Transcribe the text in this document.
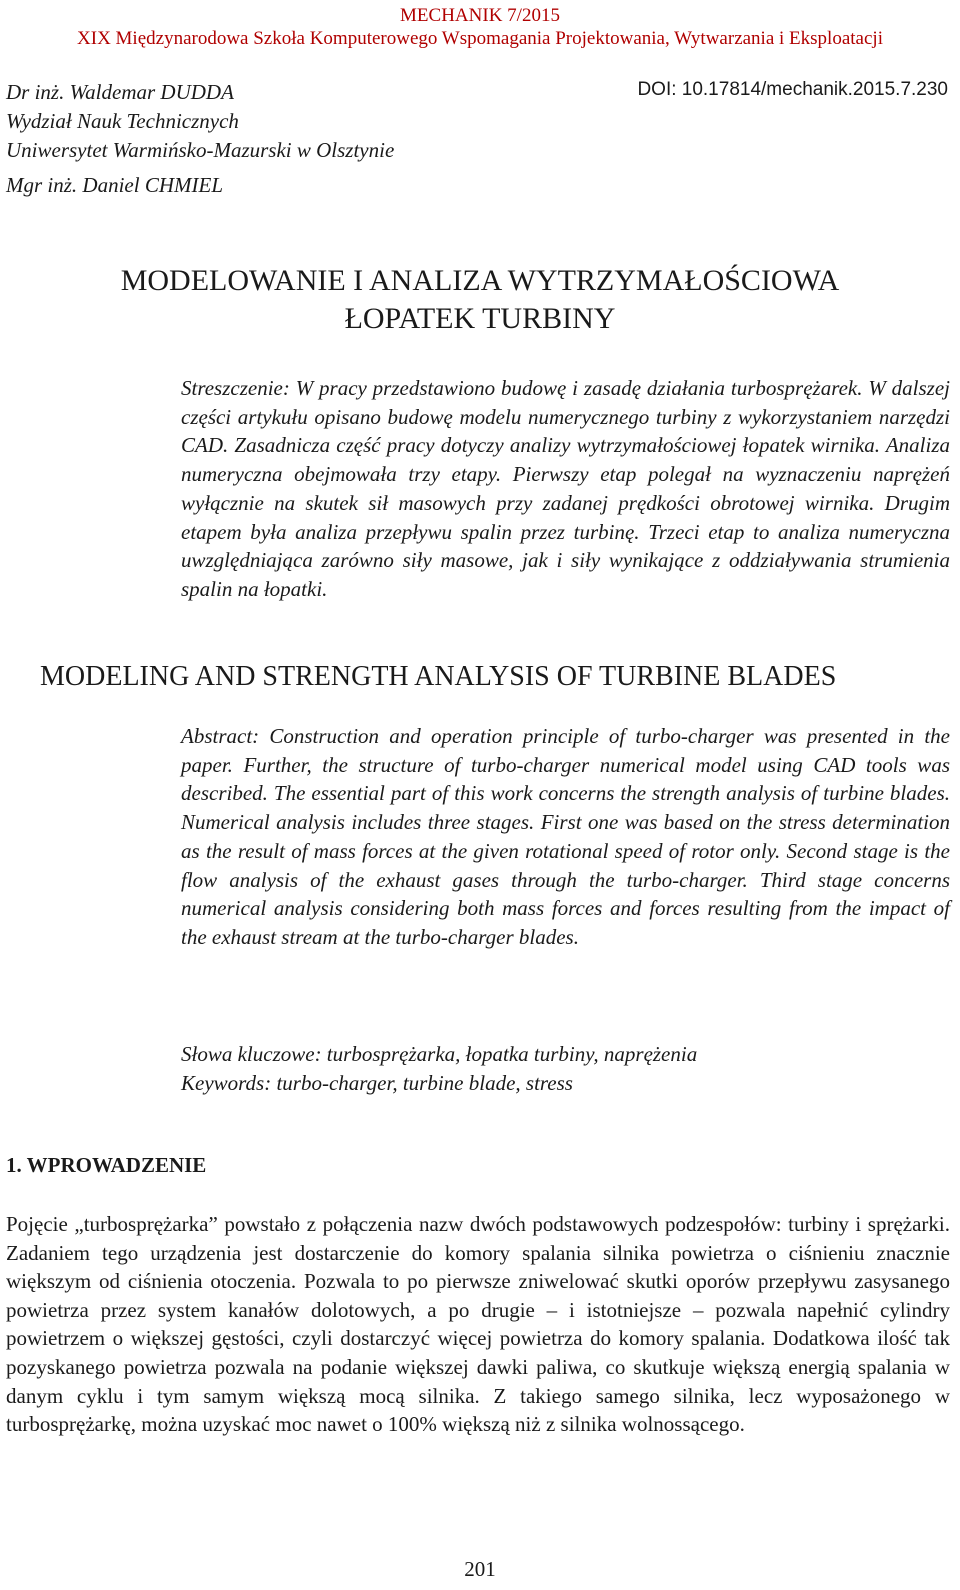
MECHANIK 7/2015
XIX Międzynarodowa Szkoła Komputerowego Wspomagania Projektowania, Wytwarzania i Eksploatacji
Dr inż. Waldemar DUDDA
Wydział Nauk Technicznych
Uniwersytet Warmińsko-Mazurski w Olsztynie
Mgr inż. Daniel CHMIEL
DOI: 10.17814/mechanik.2015.7.230
MODELOWANIE I ANALIZA WYTRZYMAŁOŚCIOWA
ŁOPATEK TURBINY

Streszczenie: W pracy przedstawiono budowę i zasadę działania turbosprężarek. W dalszej części artykułu opisano budowę modelu numerycznego turbiny z wykorzystaniem narzędzi CAD. Zasadnicza część pracy dotyczy analizy wytrzymałościowej łopatek wirnika. Analiza numeryczna obejmowała trzy etapy. Pierwszy etap polegał na wyznaczeniu naprężeń wyłącznie na skutek sił masowych przy zadanej prędkości obrotowej wirnika. Drugim etapem była analiza przepływu spalin przez turbinę. Trzeci etap to analiza numeryczna uwzględniająca zarówno siły masowe, jak i siły wynikające z oddziaływania strumienia spalin na łopatki.

MODELING AND STRENGTH ANALYSIS OF TURBINE BLADES

Abstract: Construction and operation principle of turbo-charger was presented in the paper. Further, the structure of turbo-charger numerical model using CAD tools was described. The essential part of this work concerns the strength analysis of turbine blades. Numerical analysis includes three stages. First one was based on the stress determination as the result of mass forces at the given rotational speed of rotor only. Second stage is the flow analysis of the exhaust gases through the turbo-charger. Third stage concerns numerical analysis considering both mass forces and forces resulting from the impact of the exhaust stream at the turbo-charger blades.

Słowa kluczowe: turbosprężarka, łopatka turbiny, naprężenia
Keywords: turbo-charger, turbine blade, stress
1. WPROWADZENIE

Pojęcie „turbosprężarka” powstało z połączenia nazw dwóch podstawowych podzespołów: turbiny i sprężarki. Zadaniem tego urządzenia jest dostarczenie do komory spalania silnika powietrza o ciśnieniu znacznie większym od ciśnienia otoczenia. Pozwala to po pierwsze zniwelować skutki oporów przepływu zasysanego powietrza przez system kanałów dolotowych, a po drugie – i istotniejsze – pozwala napełnić cylindry powietrzem o większej gęstości, czyli dostarczyć więcej powietrza do komory spalania. Dodatkowa ilość tak pozyskanego powietrza pozwala na podanie większej dawki paliwa, co skutkuje większą energią spalania w danym cyklu i tym samym większą mocą silnika. Z takiego samego silnika, lecz wyposażonego w turbosprężarkę, można uzyskać moc nawet o 100% większą niż z silnika wolnossącego.

201
